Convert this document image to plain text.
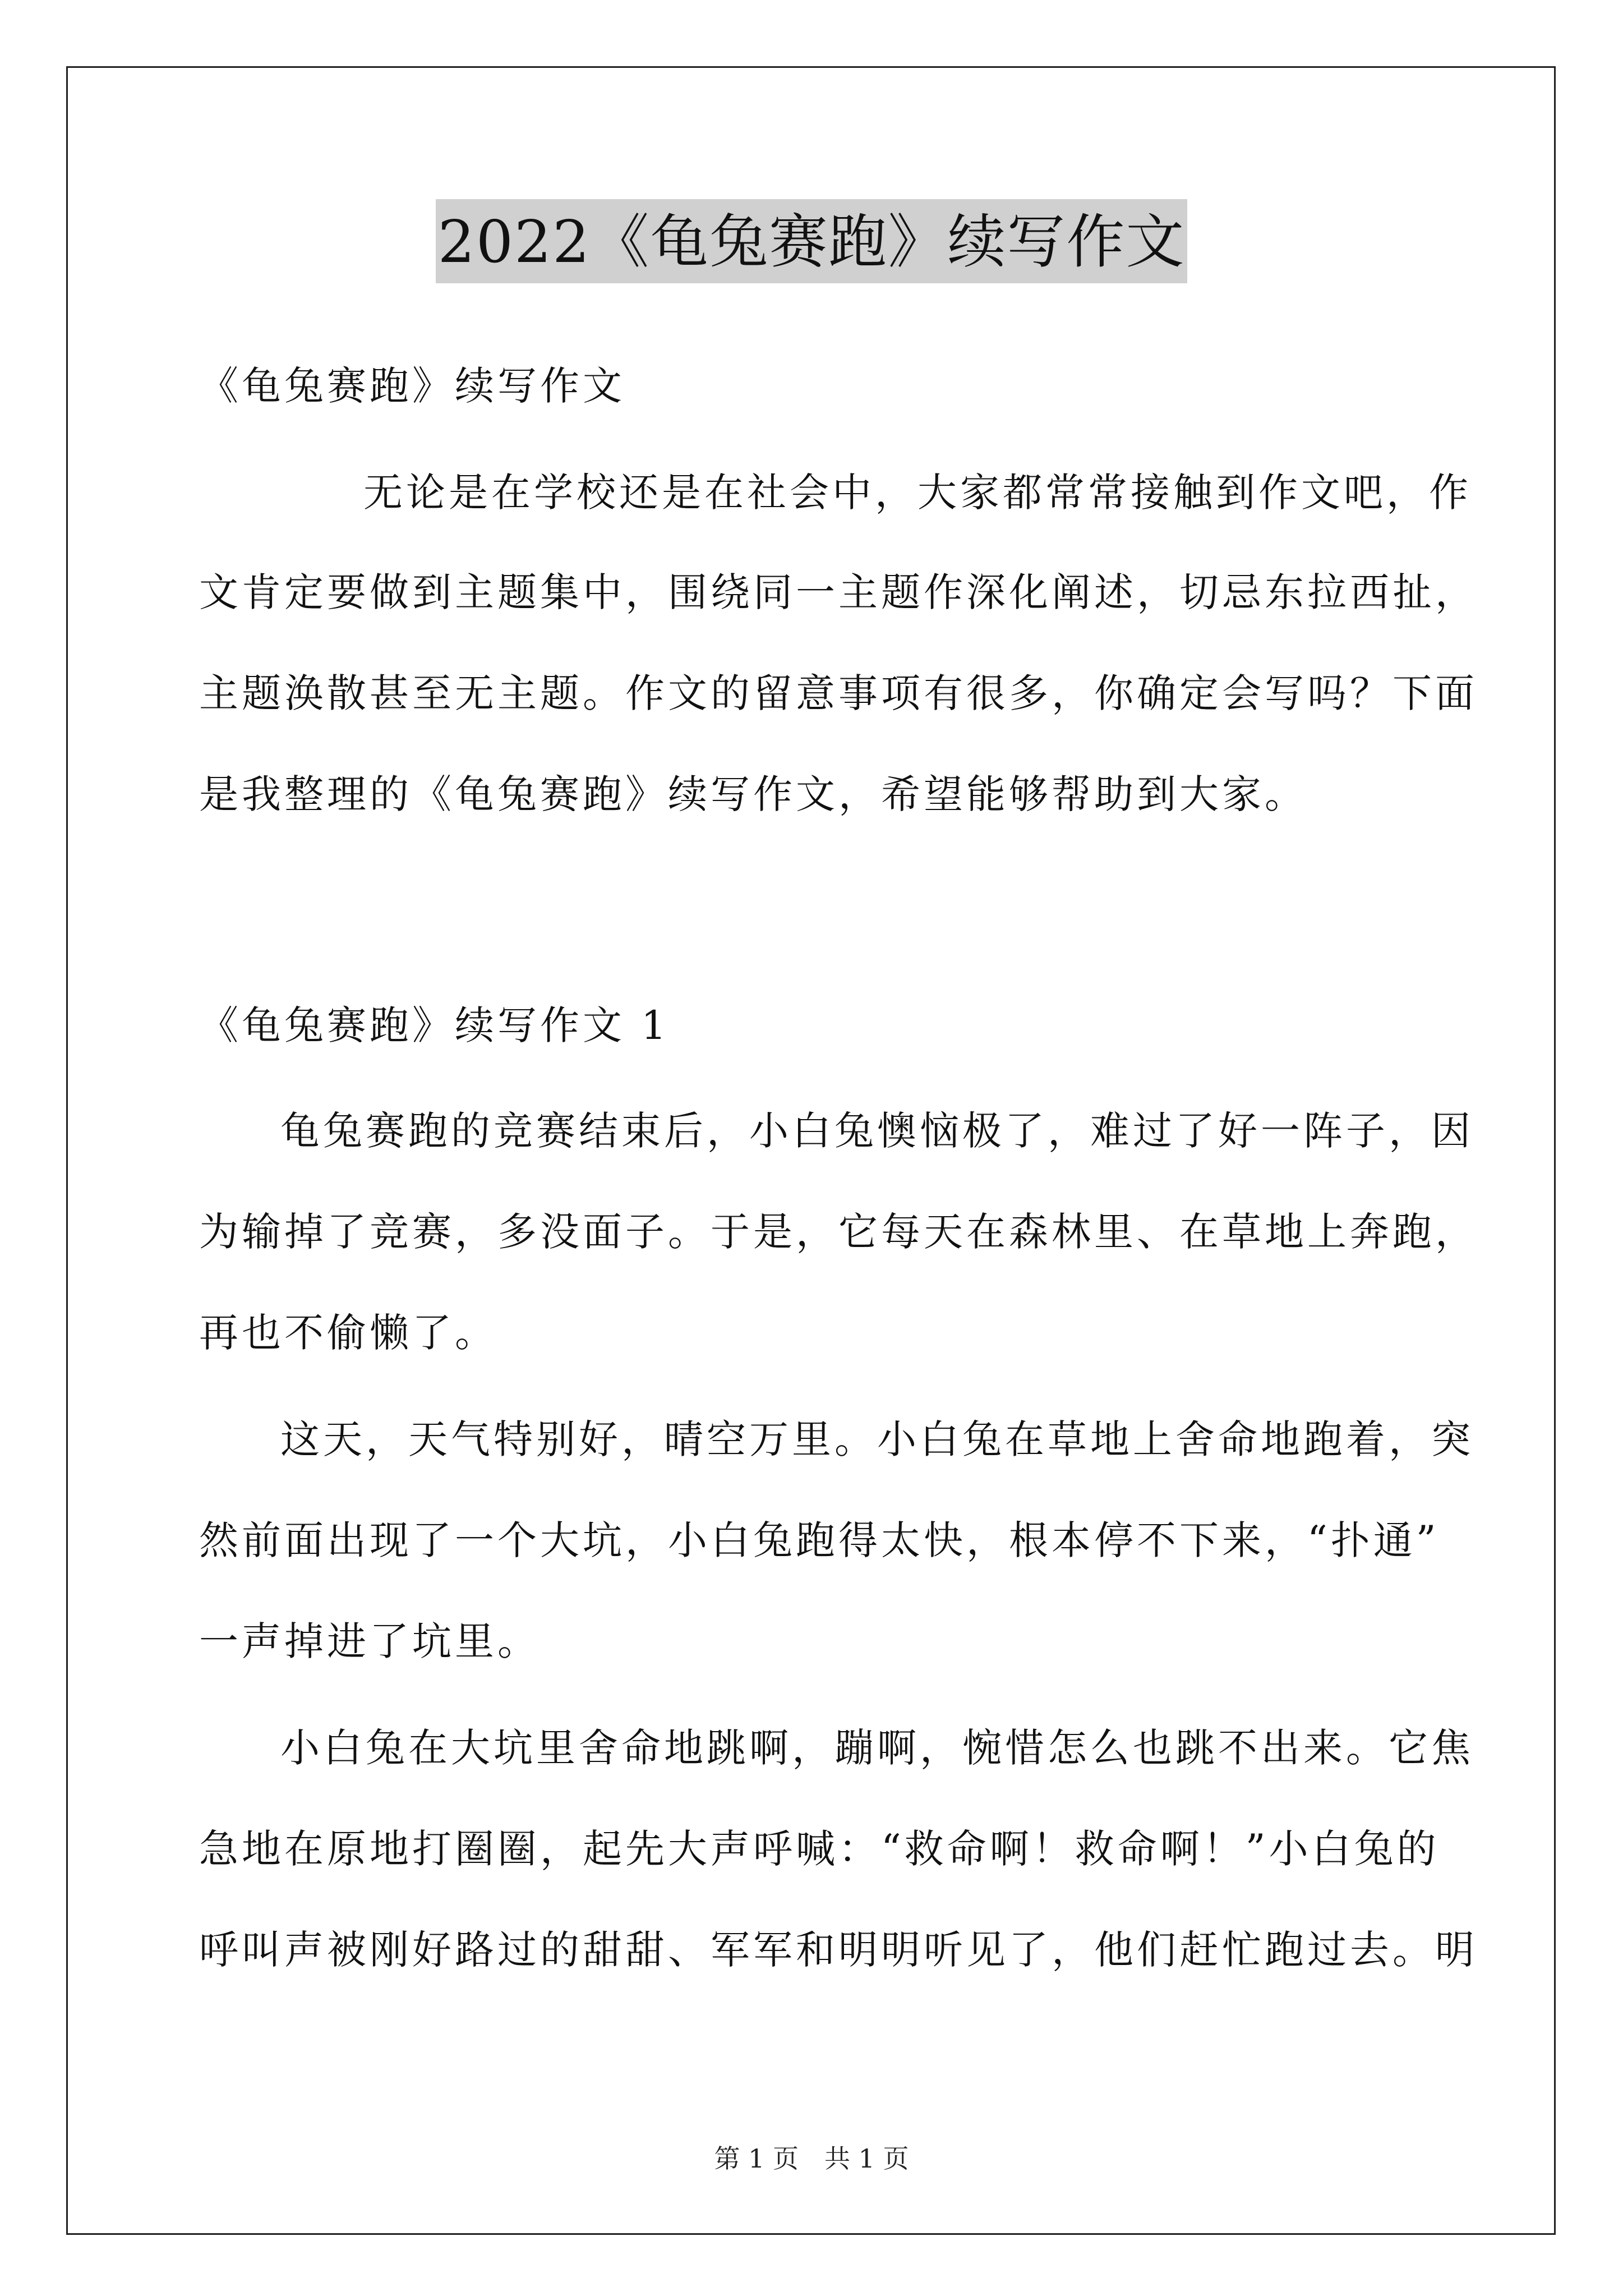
2022《龟兔赛跑》续写作文
《龟兔赛跑》续写作文
无论是在学校还是在社会中，大家都常常接触到作文吧，作
文肯定要做到主题集中，围绕同一主题作深化阐述，切忌东拉西扯，
主题涣散甚至无主题。作文的留意事项有很多，你确定会写吗？下面
是我整理的《龟兔赛跑》续写作文，希望能够帮助到大家。
《龟兔赛跑》续写作文 1
龟兔赛跑的竞赛结束后，小白兔懊恼极了，难过了好一阵子，因
为输掉了竞赛，多没面子。于是，它每天在森林里、在草地上奔跑，
再也不偷懒了。
这天，天气特别好，晴空万里。小白兔在草地上舍命地跑着，突
然前面出现了一个大坑，小白兔跑得太快，根本停不下来，“扑通”
一声掉进了坑里。
小白兔在大坑里舍命地跳啊，蹦啊，惋惜怎么也跳不出来。它焦
急地在原地打圈圈，起先大声呼喊：“救命啊！救命啊！”小白兔的
呼叫声被刚好路过的甜甜、军军和明明听见了，他们赶忙跑过去。明
第 1 页　共 1 页
